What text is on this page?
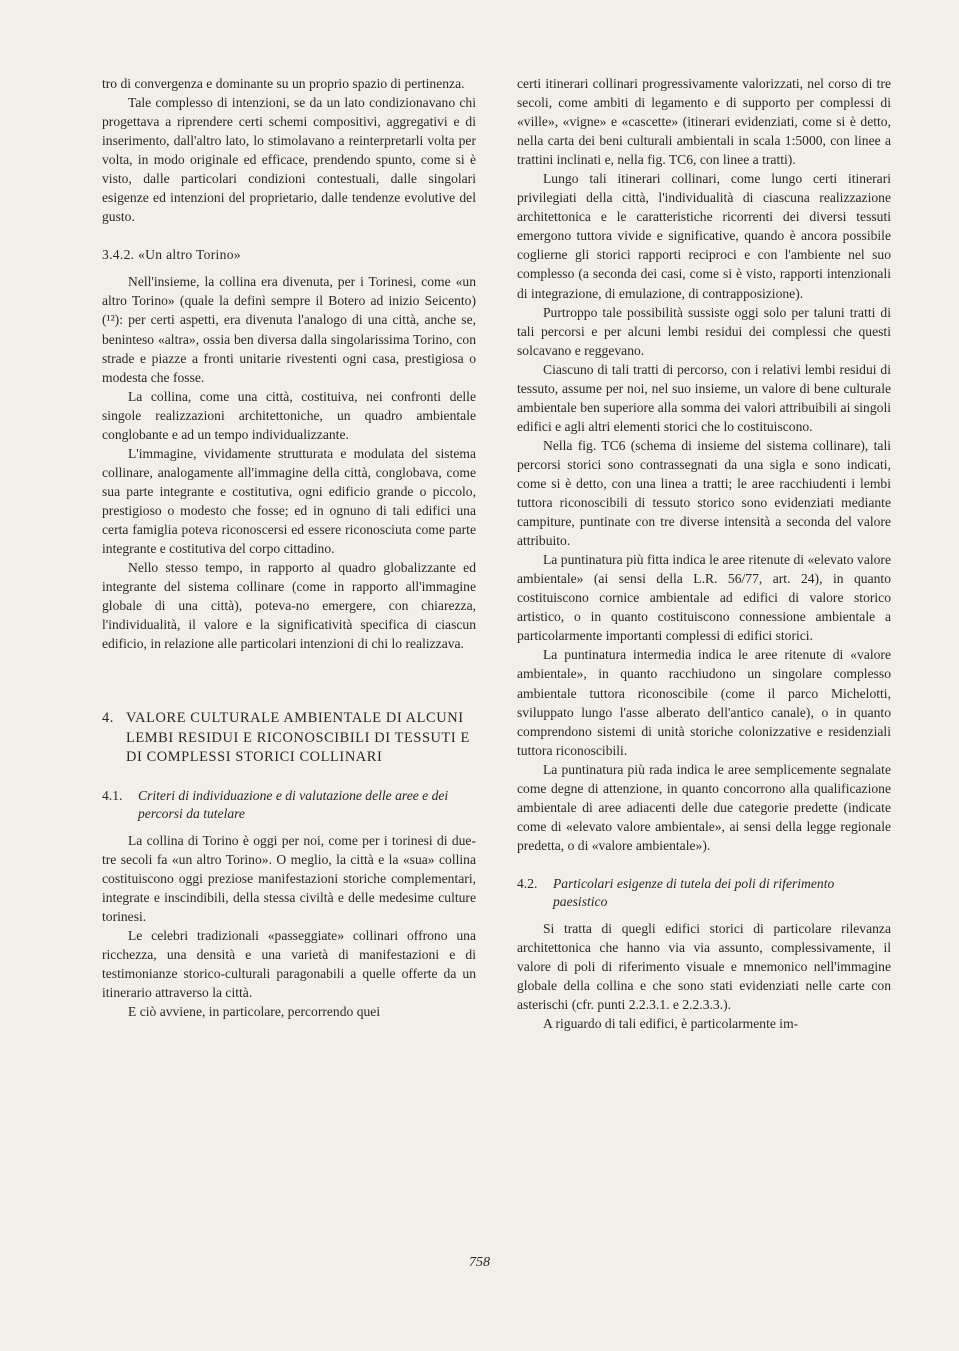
tro di convergenza e dominante su un proprio spazio di pertinenza.

Tale complesso di intenzioni, se da un lato condizionavano chi progettava a riprendere certi schemi compositivi, aggregativi e di inserimento, dall'altro lato, lo stimolavano a reinterpretarli volta per volta, in modo originale ed efficace, prendendo spunto, come si è visto, dalle particolari condizioni contestuali, dalle singolari esigenze ed intenzioni del proprietario, dalle tendenze evolutive del gusto.

3.4.2. «Un altro Torino»

Nell'insieme, la collina era divenuta, per i Torinesi, come «un altro Torino» (quale la definì sempre il Botero ad inizio Seicento) (¹²): per certi aspetti, era divenuta l'analogo di una città, anche se, beninteso «altra», ossia ben diversa dalla singolarissima Torino, con strade e piazze a fronti unitarie rivestenti ogni casa, prestigiosa o modesta che fosse.

La collina, come una città, costituiva, nei confronti delle singole realizzazioni architettoniche, un quadro ambientale conglobante e ad un tempo individualizzante.

L'immagine, vividamente strutturata e modulata del sistema collinare, analogamente all'immagine della città, conglobava, come sua parte integrante e costitutiva, ogni edificio grande o piccolo, prestigioso o modesto che fosse; ed in ognuno di tali edifici una certa famiglia poteva riconoscersi ed essere riconosciuta come parte integrante e costitutiva del corpo cittadino.

Nello stesso tempo, in rapporto al quadro globalizzante ed integrante del sistema collinare (come in rapporto all'immagine globale di una città), poteva-no emergere, con chiarezza, l'individualità, il valore e la significatività specifica di ciascun edificio, in relazione alle particolari intenzioni di chi lo realizzava.

4. VALORE CULTURALE AMBIENTALE DI ALCUNI LEMBI RESIDUI E RICONOSCIBILI DI TESSUTI E DI COMPLESSI STORICI COLLINARI
4.1.	Criteri di individuazione e di valutazione delle aree e dei percorsi da tutelare

La collina di Torino è oggi per noi, come per i torinesi di due-tre secoli fa «un altro Torino». O meglio, la città e la «sua» collina costituiscono oggi preziose manifestazioni storiche complementari, integrate e inscindibili, della stessa civiltà e delle medesime culture torinesi.

Le celebri tradizionali «passeggiate» collinari offrono una ricchezza, una densità e una varietà di manifestazioni e di testimonianze storico-culturali paragonabili a quelle offerte da un itinerario attraverso la città.

E ciò avviene, in particolare, percorrendo quei

certi itinerari collinari progressivamente valorizzati, nel corso di tre secoli, come ambiti di legamento e di supporto per complessi di «ville», «vigne» e «cascette» (itinerari evidenziati, come si è detto, nella carta dei beni culturali ambientali in scala 1:5000, con linee a trattini inclinati e, nella fig. TC6, con linee a tratti).

Lungo tali itinerari collinari, come lungo certi itinerari privilegiati della città, l'individualità di ciascuna realizzazione architettonica e le caratteristiche ricorrenti dei diversi tessuti emergono tuttora vivide e significative, quando è ancora possibile coglierne gli storici rapporti reciproci e con l'ambiente nel suo complesso (a seconda dei casi, come si è visto, rapporti intenzionali di integrazione, di emulazione, di contrapposizione).

Purtroppo tale possibilità sussiste oggi solo per taluni tratti di tali percorsi e per alcuni lembi residui dei complessi che questi solcavano e reggevano.

Ciascuno di tali tratti di percorso, con i relativi lembi residui di tessuto, assume per noi, nel suo insieme, un valore di bene culturale ambientale ben superiore alla somma dei valori attribuibili ai singoli edifici e agli altri elementi storici che lo costituiscono.

Nella fig. TC6 (schema di insieme del sistema collinare), tali percorsi storici sono contrassegnati da una sigla e sono indicati, come si è detto, con una linea a tratti; le aree racchiudenti i lembi tuttora riconoscibili di tessuto storico sono evidenziati mediante campiture, puntinate con tre diverse intensità a seconda del valore attribuito.

La puntinatura più fitta indica le aree ritenute di «elevato valore ambientale» (ai sensi della L.R. 56/77, art. 24), in quanto costituiscono cornice ambientale ad edifici di valore storico artistico, o in quanto costituiscono connessione ambientale a particolarmente importanti complessi di edifici storici.

La puntinatura intermedia indica le aree ritenute di «valore ambientale», in quanto racchiudono un singolare complesso ambientale tuttora riconoscibile (come il parco Michelotti, sviluppato lungo l'asse alberato dell'antico canale), o in quanto comprendono sistemi di unità storiche colonizzative e residenziali tuttora riconoscibili.

La puntinatura più rada indica le aree semplicemente segnalate come degne di attenzione, in quanto concorrono alla qualificazione ambientale di aree adiacenti delle due categorie predette (indicate come di «elevato valore ambientale», ai sensi della legge regionale predetta, o di «valore ambientale»).

4.2.	Particolari esigenze di tutela dei poli di riferimento paesistico

Si tratta di quegli edifici storici di particolare rilevanza architettonica che hanno via via assunto, complessivamente, il valore di poli di riferimento visuale e mnemonico nell'immagine globale della collina e che sono stati evidenziati nelle carte con asterischi (cfr. punti 2.2.3.1. e 2.2.3.3.).

A riguardo di tali edifici, è particolarmente im-

758
